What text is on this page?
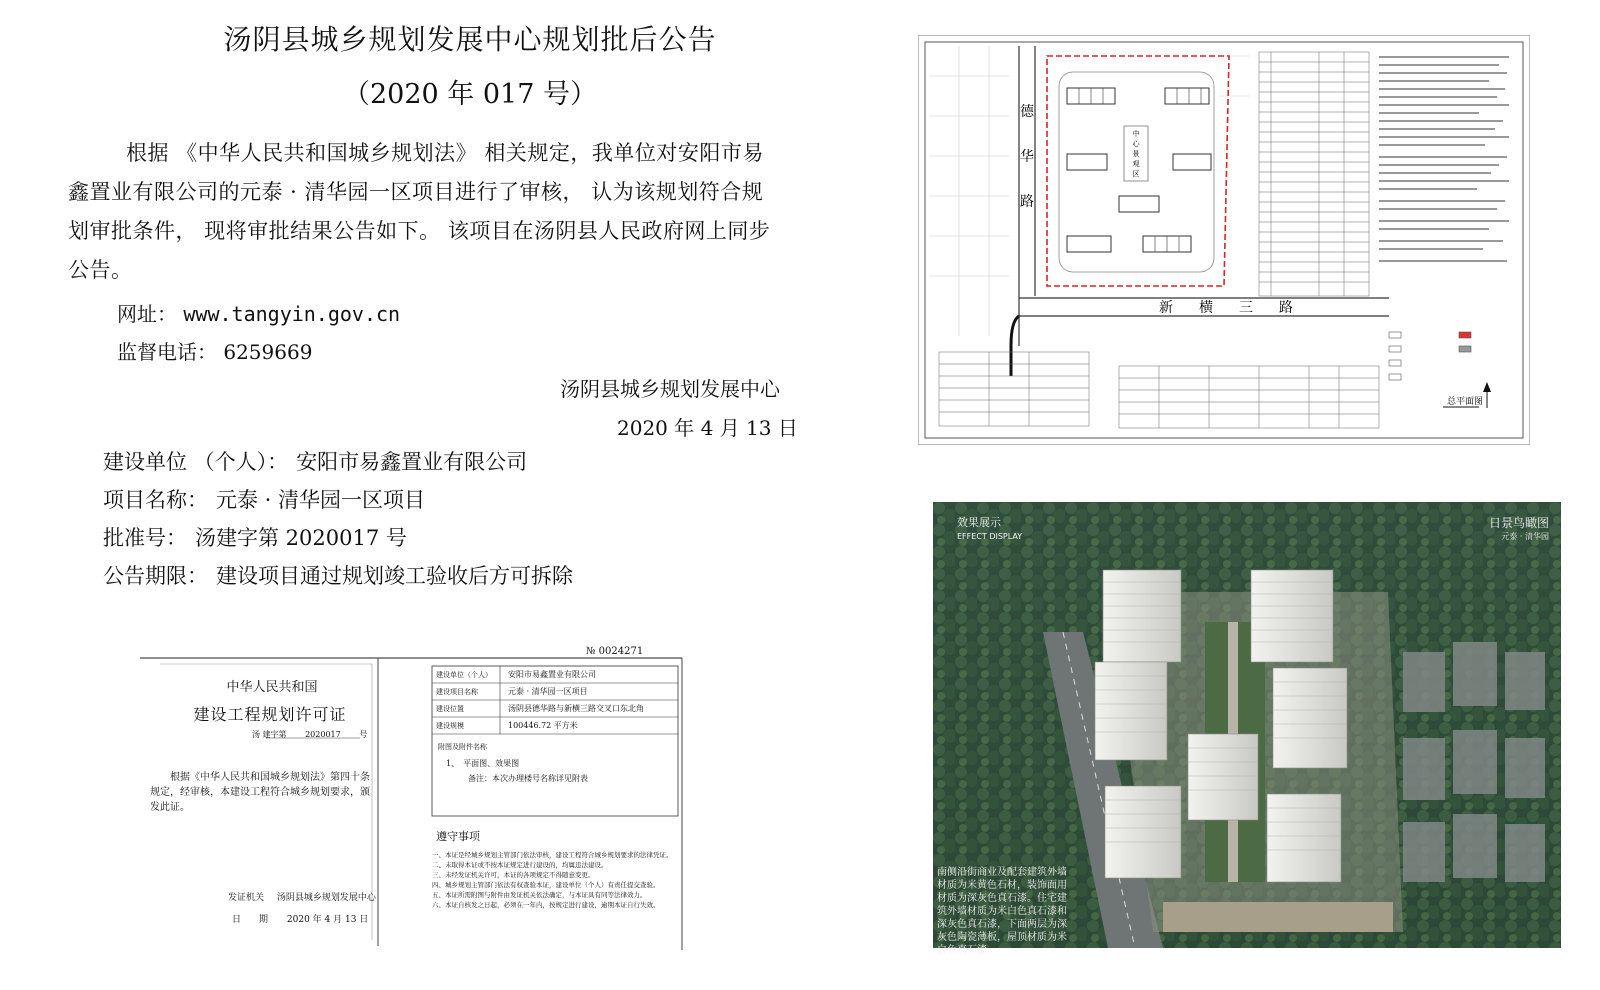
汤阴县城乡规划发展中心规划批后公告
（2020 年 017 号）
根据 《中华人民共和国城乡规划法》 相关规定，我单位对安阳市易鑫置业有限公司的元泰 · 清华园一区项目进行了审核， 认为该规划符合规划审批条件， 现将审批结果公告如下。 该项目在汤阴县人民政府网上同步公告。
网址： www.tangyin.gov.cn
监督电话： 6259669
汤阴县城乡规划发展中心
2020 年 4 月 13 日
建设单位 （个人）： 安阳市易鑫置业有限公司
项目名称： 元泰 · 清华园一区项目
批准号： 汤建字第 2020017 号
公告期限： 建设项目通过规划竣工验收后方可拆除
中
心
景
观
区
德
华
路
新 横 三 路
总平面图
效果展示
EFFECT DISPLAY
日景鸟瞰图
元泰 · 清华园
南侧沿街商业及配套建筑外墙材质为米黄色石材，装饰面用材质为深灰色真石漆。住宅建筑外墙材质为米白色真石漆和深灰色真石漆，下面两层为深灰色陶瓷薄板，屋顶材质为米白色真石漆。
№ 0024271
中华人民共和国
建设工程规划许可证
汤 建字第 2020017 号
根据《中华人民共和国城乡规划法》第四十条规定，经审核，本建设工程符合城乡规划要求，颁发此证。
发证机关 汤阴县城乡规划发展中心
日　　期 2020 年 4 月 13 日
建设单位（个人）	安阳市易鑫置业有限公司
建设项目名称	元泰 · 清华园一区项目
建设位置	汤阴县德华路与新横三路交叉口东北角
建设规模	100446.72 平方米
附图及附件名称
1、　平面图、效果图
备注：本次办理楼号名称详见附表
遵守事项
一、本证是经城乡规划主管部门依法审核，建设工程符合城乡规划要求的法律凭证。
二、未取得本证或不按本证规定进行建设的，均属违法建设。
三、未经发证机关许可，本证的各项规定不得随意变更。
四、城乡规划主管部门依法有权查验本证，建设单位（个人）有责任提交查验。
五、本证所需附图与附件由发证机关依法确定，与本证具有同等法律效力。
六、本证自核发之日起，必须在一年内，按规定进行建设，逾期本证自行失效。
